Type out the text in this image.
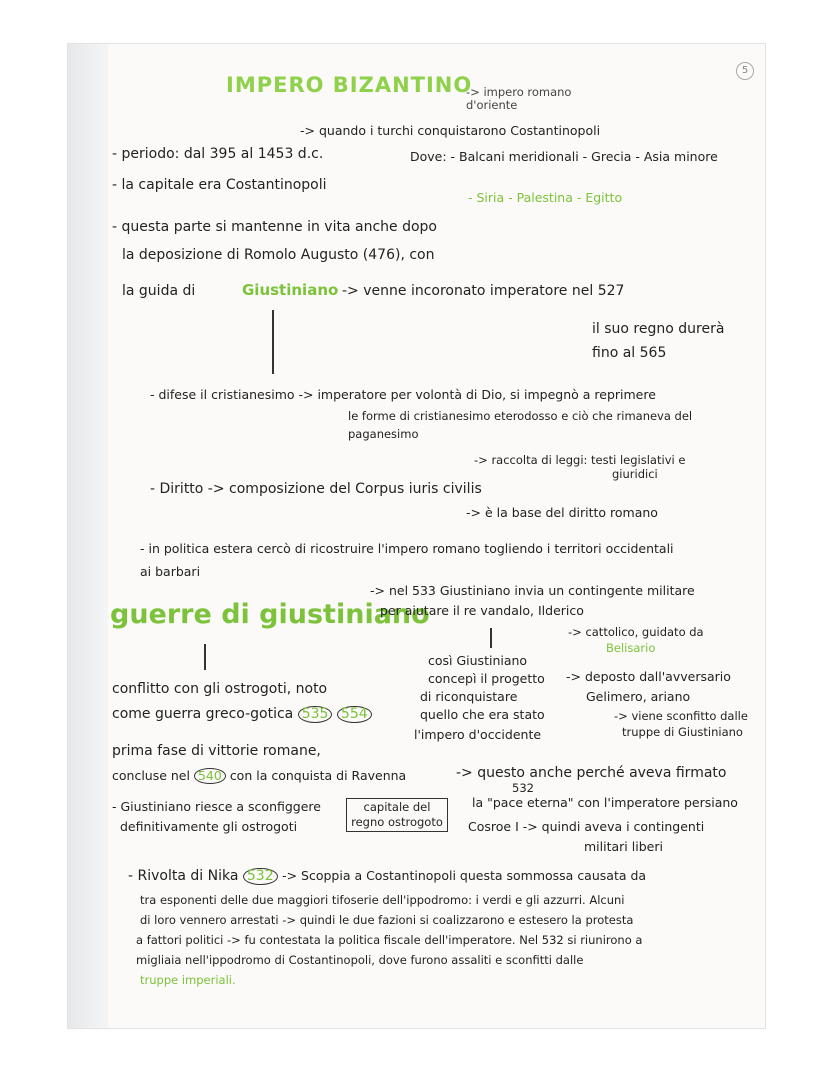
5
IMPERO BIZANTINO
-> impero romano d'oriente
-> quando i turchi conquistarono Costantinopoli
- periodo: dal 395 al 1453 d.c.	Dove: - Balcani meridionali - Grecia - Asia minore
- la capitale era Costantinopoli
- Siria - Palestina - Egitto
- questa parte si mantenne in vita anche dopo
la deposizione di Romolo Augusto (476), con
la guida di	Giustiniano -> venne incoronato imperatore nel 527
il suo regno durerà
fino al 565
- difese il cristianesimo -> imperatore per volontà di Dio, si impegnò a reprimere
le forme di cristianesimo eterodosso e ciò che rimaneva del
paganesimo
-> raccolta di leggi: testi legislativi e
giuridici
- Diritto -> composizione del Corpus iuris civilis
-> è la base del diritto romano
- in politica estera cercò di ricostruire l'impero romano togliendo i territori occidentali
ai barbari
guerre di giustiniano
-> nel 533 Giustiniano invia un contingente militare
per aiutare il re vandalo, Ilderico
-> cattolico, guidato da
Belisario
così Giustiniano
concepì il progetto
di riconquistare
quello che era stato
l'impero d'occidente
-> deposto dall'avversario
Gelimero, ariano
-> viene sconfitto dalle
truppe di Giustiniano
conflitto con gli ostrogoti, noto
come guerra greco-gotica 535 554
prima fase di vittorie romane,
concluse nel 540 con la conquista di Ravenna	-> questo anche perché aveva firmato
532
la "pace eterna" con l'imperatore persiano
Cosroe I -> quindi aveva i contingenti
militari liberi
- Giustiniano riesce a sconfiggere
definitivamente gli ostrogoti
capitale del
regno ostrogoto
- Rivolta di Nika 532 -> Scoppia a Costantinopoli questa sommossa causata da
tra esponenti delle due maggiori tifoserie dell'ippodromo: i verdi e gli azzurri. Alcuni
di loro vennero arrestati -> quindi le due fazioni si coalizzarono e estesero la protesta
a fattori politici -> fu contestata la politica fiscale dell'imperatore. Nel 532 si riunirono a
migliaia nell'ippodromo di Costantinopoli, dove furono assaliti e sconfitti dalle
truppe imperiali.
